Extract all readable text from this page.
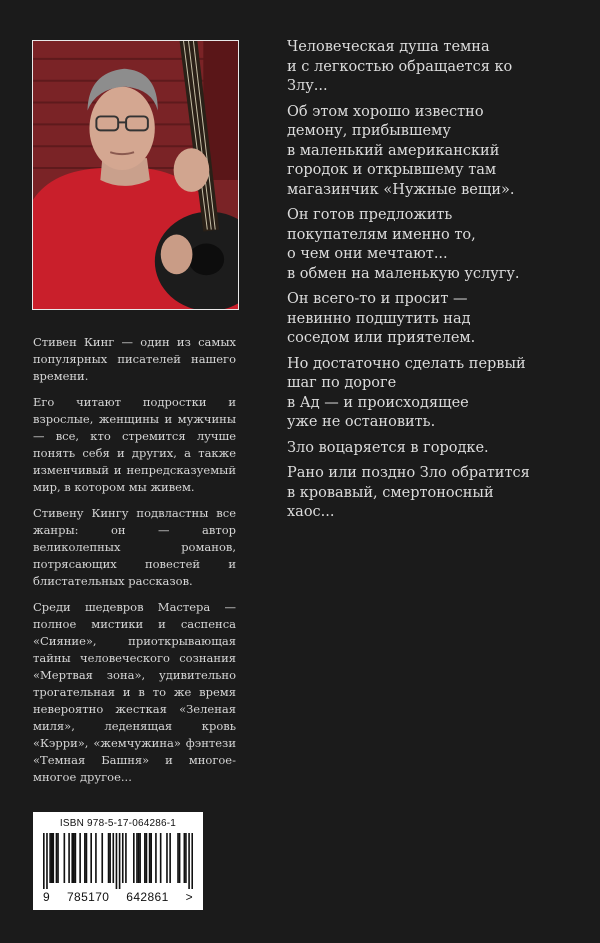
Стивен Кинг — один из самых популярных писателей нашего времени.

Его читают подростки и взрослые, женщины и мужчины — все, кто стремится лучше понять себя и других, а также изменчивый и непредсказуемый мир, в котором мы живем.

Стивену Кингу подвластны все жанры: он — автор великолепных романов, потрясающих повестей и блистательных рассказов.

Среди шедевров Мастера — полное мистики и саспенса «Сияние», приоткрывающая тайны человеческого сознания «Мертвая зона», удивительно трогательная и в то же время невероятно жесткая «Зеленая миля», леденящая кровь «Кэрри», «жемчужина» фэнтези «Темная Башня» и многое-многое другое...

Человеческая душа темна
и с легкостью обращается ко
Злу...

Об этом хорошо известно
демону, прибывшему
в маленький американский
городок и открывшему там
магазинчик «Нужные вещи».

Он готов предложить
покупателям именно то,
о чем они мечтают...
в обмен на маленькую услугу.

Он всего-то и просит —
невинно подшутить над
соседом или приятелем.

Но достаточно сделать первый
шаг по дороге
в Ад — и происходящее
уже не остановить.

Зло воцаряется в городке.

Рано или поздно Зло обратится
в кровавый, смертоносный
хаос...

ISBN 978-5-17-064286-1
9 785170 642861 >
